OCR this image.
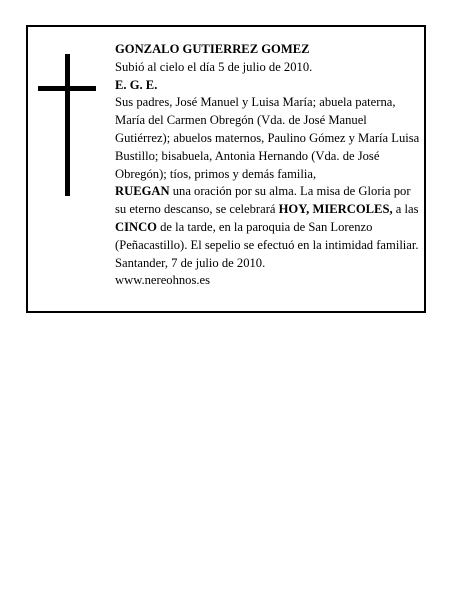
GONZALO GUTIERREZ GOMEZ

Subió al cielo el día 5 de julio de 2010.

E. G. E.

Sus padres, José Manuel y Luisa María; abuela paterna, María del Carmen Obregón (Vda. de José Manuel Gutiérrez); abuelos maternos, Paulino Gómez y María Luisa Bustillo; bisabuela, Antonia Hernando (Vda. de José Obregón); tíos, primos y demás familia,

RUEGAN una oración por su alma. La misa de Gloria por su eterno descanso, se celebrará HOY, MIERCOLES, a las CINCO de la tarde, en la paroquia de San Lorenzo (Peñacastillo). El sepelio se efectuó en la intimidad familiar.

Santander, 7 de julio de 2010.

www.nereohnos.es
